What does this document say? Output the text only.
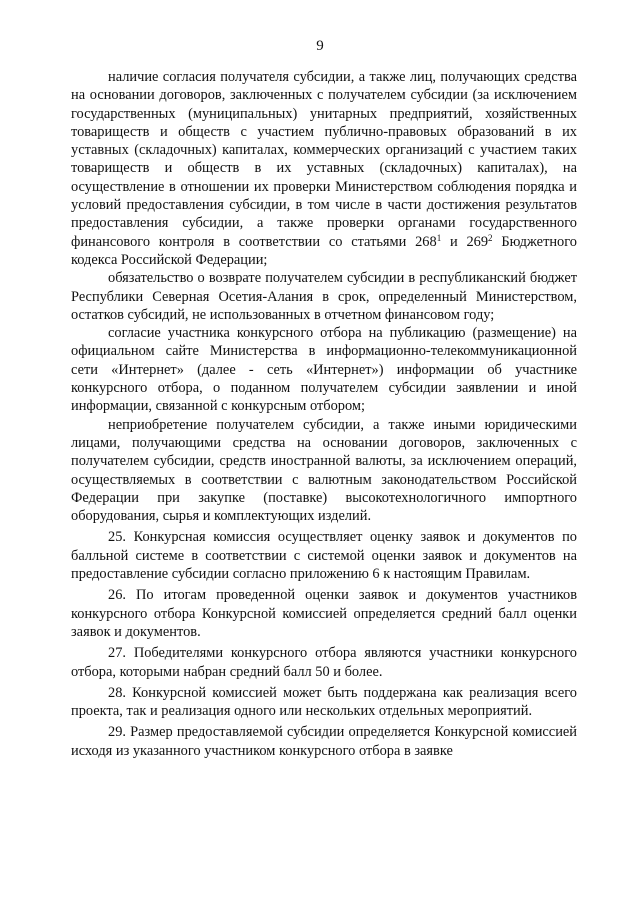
9

наличие согласия получателя субсидии, а также лиц, получающих средства на основании договоров, заключенных с получателем субсидии (за исключением государственных (муниципальных) унитарных предприятий, хозяйственных товариществ и обществ с участием публично-правовых образований в их уставных (складочных) капиталах, коммерческих организаций с участием таких товариществ и обществ в их уставных (складочных) капиталах), на осуществление в отношении их проверки Министерством соблюдения порядка и условий предоставления субсидии, в том числе в части достижения результатов предоставления субсидии, а также проверки органами государственного финансового контроля в соответствии со статьями $268^1$ и $269^2$ Бюджетного кодекса Российской Федерации;

обязательство о возврате получателем субсидии в республиканский бюджет Республики Северная Осетия-Алания в срок, определенный Министерством, остатков субсидий, не использованных в отчетном финансовом году;

согласие участника конкурсного отбора на публикацию (размещение) на официальном сайте Министерства в информационно-телекоммуникационной сети «Интернет» (далее - сеть «Интернет») информации об участнике конкурсного отбора, о поданном получателем субсидии заявлении и иной информации, связанной с конкурсным отбором;

неприобретение получателем субсидии, а также иными юридическими лицами, получающими средства на основании договоров, заключенных с получателем субсидии, средств иностранной валюты, за исключением операций, осуществляемых в соответствии с валютным законодательством Российской Федерации при закупке (поставке) высокотехнологичного импортного оборудования, сырья и комплектующих изделий.

25. Конкурсная комиссия осуществляет оценку заявок и документов по балльной системе в соответствии с системой оценки заявок и документов на предоставление субсидии согласно приложению 6 к настоящим Правилам.

26. По итогам проведенной оценки заявок и документов участников конкурсного отбора Конкурсной комиссией определяется средний балл оценки заявок и документов.

27. Победителями конкурсного отбора являются участники конкурсного отбора, которыми набран средний балл 50 и более.

28. Конкурсной комиссией может быть поддержана как реализация всего проекта, так и реализация одного или нескольких отдельных мероприятий.

29. Размер предоставляемой субсидии определяется Конкурсной комиссией исходя из указанного участником конкурсного отбора в заявке
